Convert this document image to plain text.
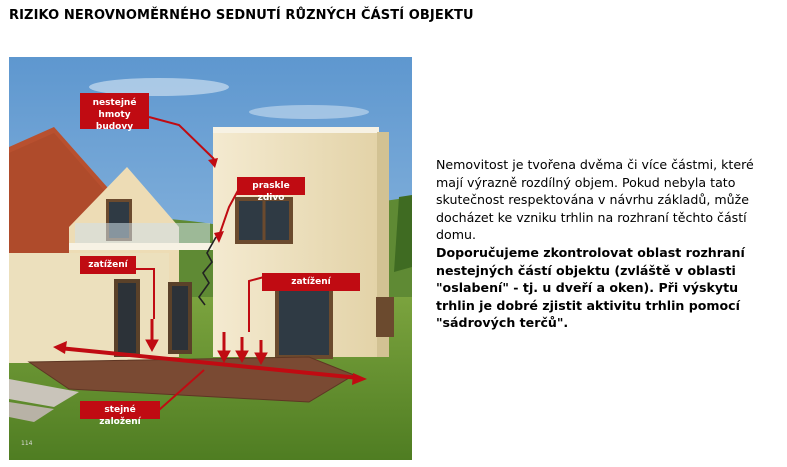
RIZIKO NEROVNOMĚRNÉHO SEDNUTÍ RŮZNÝCH ČÁSTÍ OBJEKTU
nestejné hmoty budovy
praskle zdivo
zatížení
zatížení
stejné založení
114

Nemovitost je tvořena dvěma či více částmi, které mají výrazně rozdílný objem. Pokud nebyla tato skutečnost respektována v návrhu základů, může docházet ke vzniku trhlin na rozhraní těchto částí domu.

Doporučujeme zkontrolovat oblast rozhraní nestejných částí objektu (zvláště v oblasti "oslabení" - tj. u dveří a oken). Při výskytu trhlin je dobré zjistit aktivitu trhlin pomocí "sádrových terčů".
